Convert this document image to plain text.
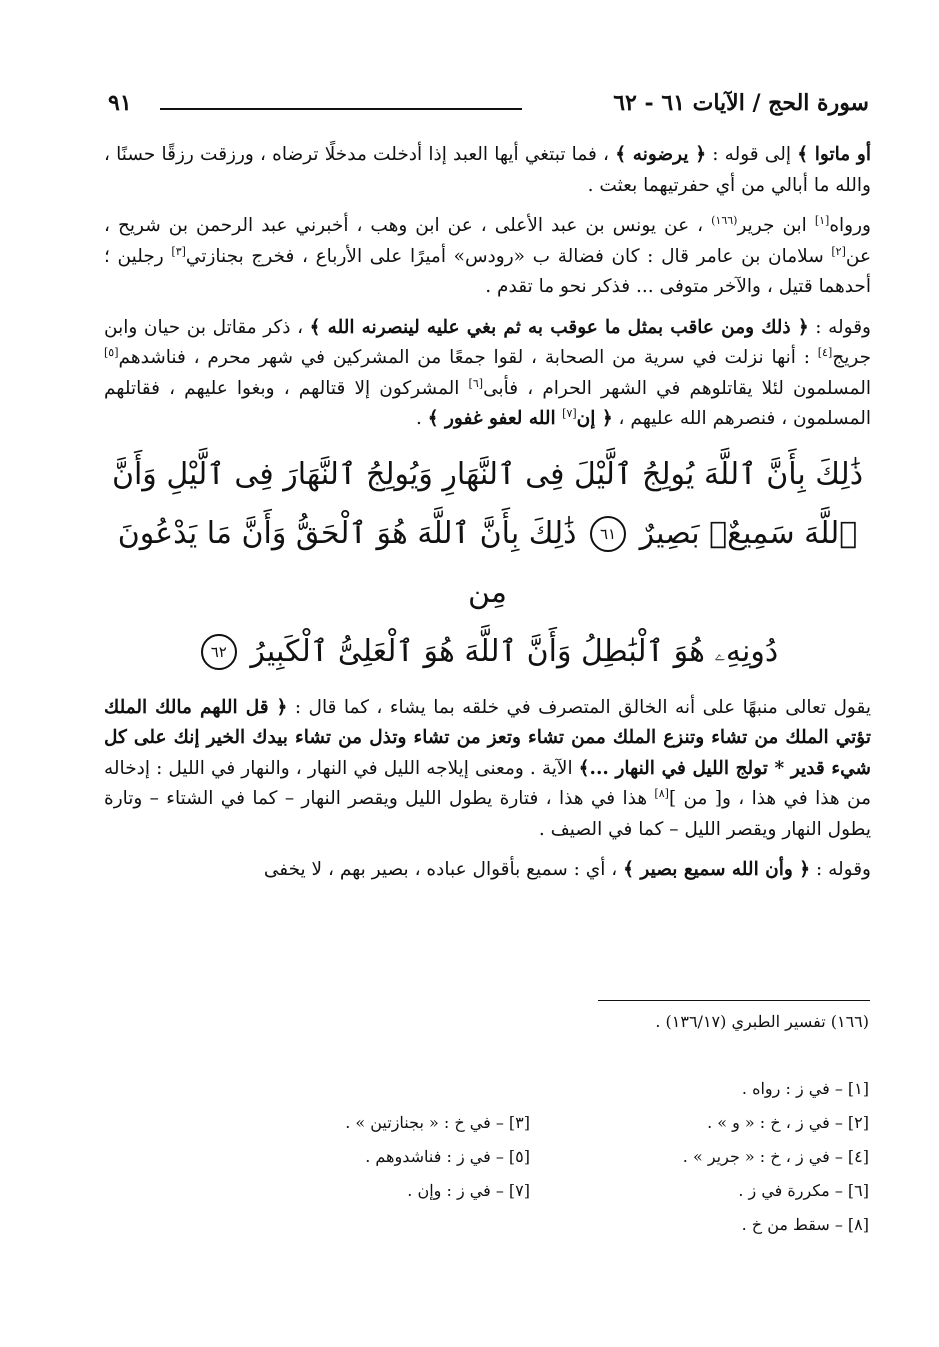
سورة الحج / الآيات ٦١ - ٦٢
٩١

أو ماتوا ﴾ إلى قوله : ﴿ يرضونه ﴾ ، فما تبتغي أيها العبد إذا أدخلت مدخلًا ترضاه ، ورزقت رزقًا حسنًا ، والله ما أبالي من أي حفرتيهما بعثت .

ورواه[١] ابن جرير$^{(١٦٦)}$ ، عن يونس بن عبد الأعلى ، عن ابن وهب ، أخبرني عبد الرحمن بن شريح ، عن[٢] سلامان بن عامر قال : كان فضالة ب «رودس» أميرًا على الأرباع ، فخرج بجنازتي[٣] رجلين ؛ أحدهما قتيل ، والآخر متوفى ... فذكر نحو ما تقدم .

وقوله : ﴿ ذلك ومن عاقب بمثل ما عوقب به ثم بغي عليه لينصرنه الله ﴾ ، ذكر مقاتل بن حيان وابن جريج[٤] : أنها نزلت في سرية من الصحابة ، لقوا جمعًا من المشركين في شهر محرم ، فناشدهم[٥] المسلمون لئلا يقاتلوهم في الشهر الحرام ، فأبى[٦] المشركون إلا قتالهم ، وبغوا عليهم ، فقاتلهم المسلمون ، فنصرهم الله عليهم ، ﴿ إن[٧] الله لعفو غفور ﴾ .

ذَٰلِكَ بِأَنَّ ٱللَّهَ يُولِجُ ٱلَّيْلَ فِى ٱلنَّهَارِ وَيُولِجُ ٱلنَّهَارَ فِى ٱلَّيْلِ وَأَنَّ
ٱللَّهَ سَمِيعٌۢ بَصِيرٌ ٦١ ذَٰلِكَ بِأَنَّ ٱللَّهَ هُوَ ٱلْحَقُّ وَأَنَّ مَا يَدْعُونَ مِن
دُونِهِۦ هُوَ ٱلْبَٰطِلُ وَأَنَّ ٱللَّهَ هُوَ ٱلْعَلِىُّ ٱلْكَبِيرُ ٦٢

يقول تعالى منبهًا على أنه الخالق المتصرف في خلقه بما يشاء ، كما قال : ﴿ قل اللهم مالك الملك تؤتي الملك من تشاء وتنزع الملك ممن تشاء وتعز من تشاء وتذل من تشاء بيدك الخير إنك على كل شيء قدير * تولج الليل في النهار ...﴾ الآية . ومعنى إيلاجه الليل في النهار ، والنهار في الليل : إدخاله من هذا في هذا ، و[ من ][٨] هذا في هذا ، فتارة يطول الليل ويقصر النهار – كما في الشتاء – وتارة يطول النهار ويقصر الليل – كما في الصيف .

وقوله : ﴿ وأن الله سميع بصير ﴾ ، أي : سميع بأقوال عباده ، بصير بهم ، لا يخفى

(١٦٦) تفسير الطبري (١٣٦/١٧) .
[١] – في ز : رواه .
[٢] – في ز ، خ : « و » .
[٣] – في خ : « بجنازتين » .
[٤] – في ز ، خ : « جرير » .
[٥] – في ز : فناشدوهم .
[٦] – مكررة في ز .
[٧] – في ز : وإن .
[٨] – سقط من خ .
